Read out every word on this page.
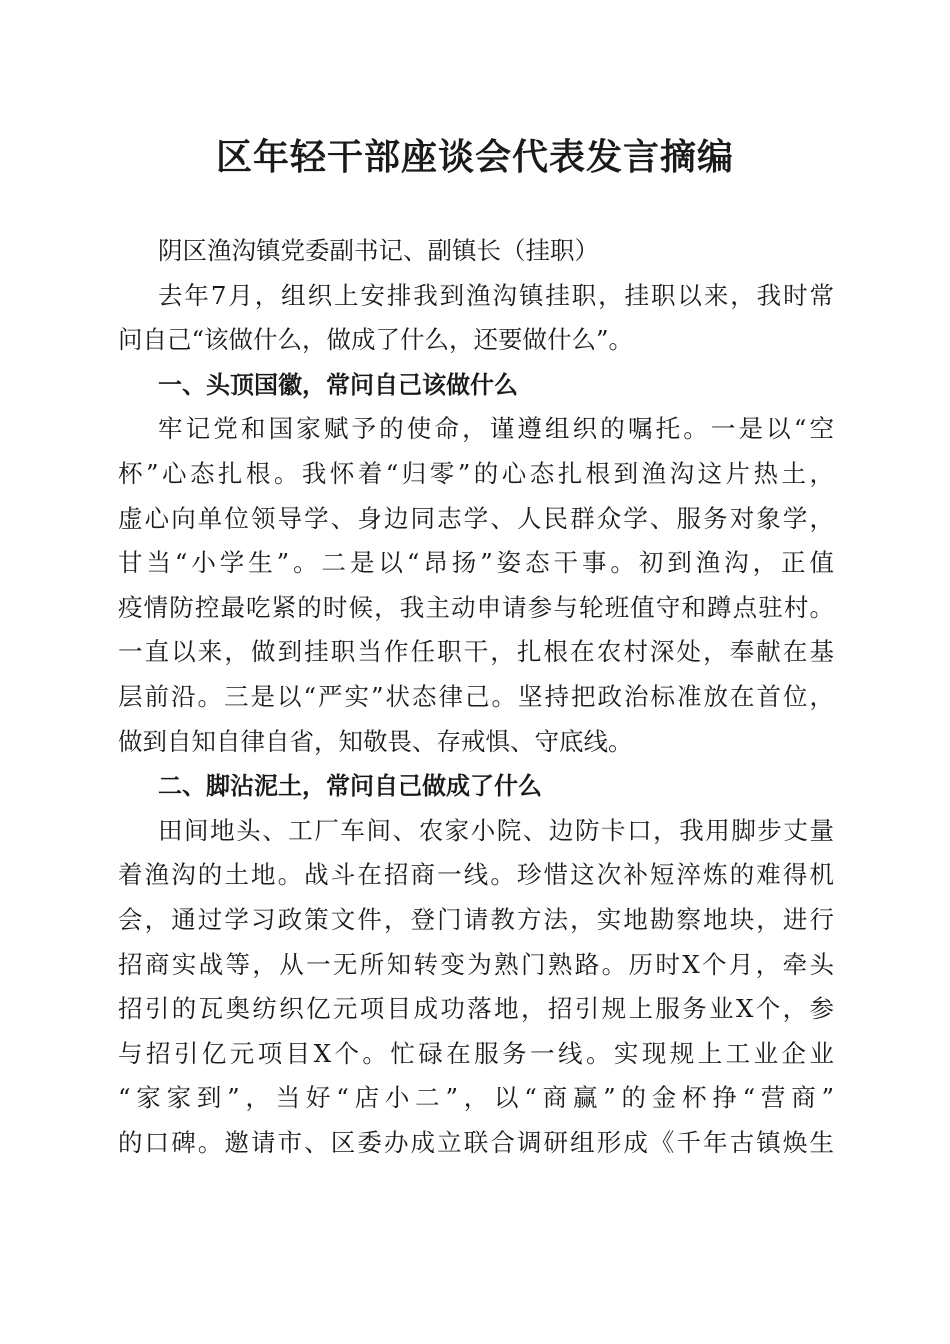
区年轻干部座谈会代表发言摘编
阴区渔沟镇党委副书记、副镇长（挂职）
去年7月，组织上安排我到渔沟镇挂职，挂职以来，我时常
问自己“该做什么，做成了什么，还要做什么”。
一、头顶国徽，常问自己该做什么
牢记党和国家赋予的使命，谨遵组织的嘱托。一是以“空
杯”心态扎根。我怀着“归零”的心态扎根到渔沟这片热土，
虚心向单位领导学、身边同志学、人民群众学、服务对象学，
甘当“小学生”。二是以“昂扬”姿态干事。初到渔沟，正值
疫情防控最吃紧的时候，我主动申请参与轮班值守和蹲点驻村。
一直以来，做到挂职当作任职干，扎根在农村深处，奉献在基
层前沿。三是以“严实”状态律己。坚持把政治标准放在首位，
做到自知自律自省，知敬畏、存戒惧、守底线。
二、脚沾泥土，常问自己做成了什么
田间地头、工厂车间、农家小院、边防卡口，我用脚步丈量
着渔沟的土地。战斗在招商一线。珍惜这次补短淬炼的难得机
会，通过学习政策文件，登门请教方法，实地勘察地块，进行
招商实战等，从一无所知转变为熟门熟路。历时X个月，牵头
招引的瓦奥纺织亿元项目成功落地，招引规上服务业X个，参
与招引亿元项目X个。忙碌在服务一线。实现规上工业企业
“家家到”，当好“店小二”，以“商赢”的金杯挣“营商”
的口碑。邀请市、区委办成立联合调研组形成《千年古镇焕生
